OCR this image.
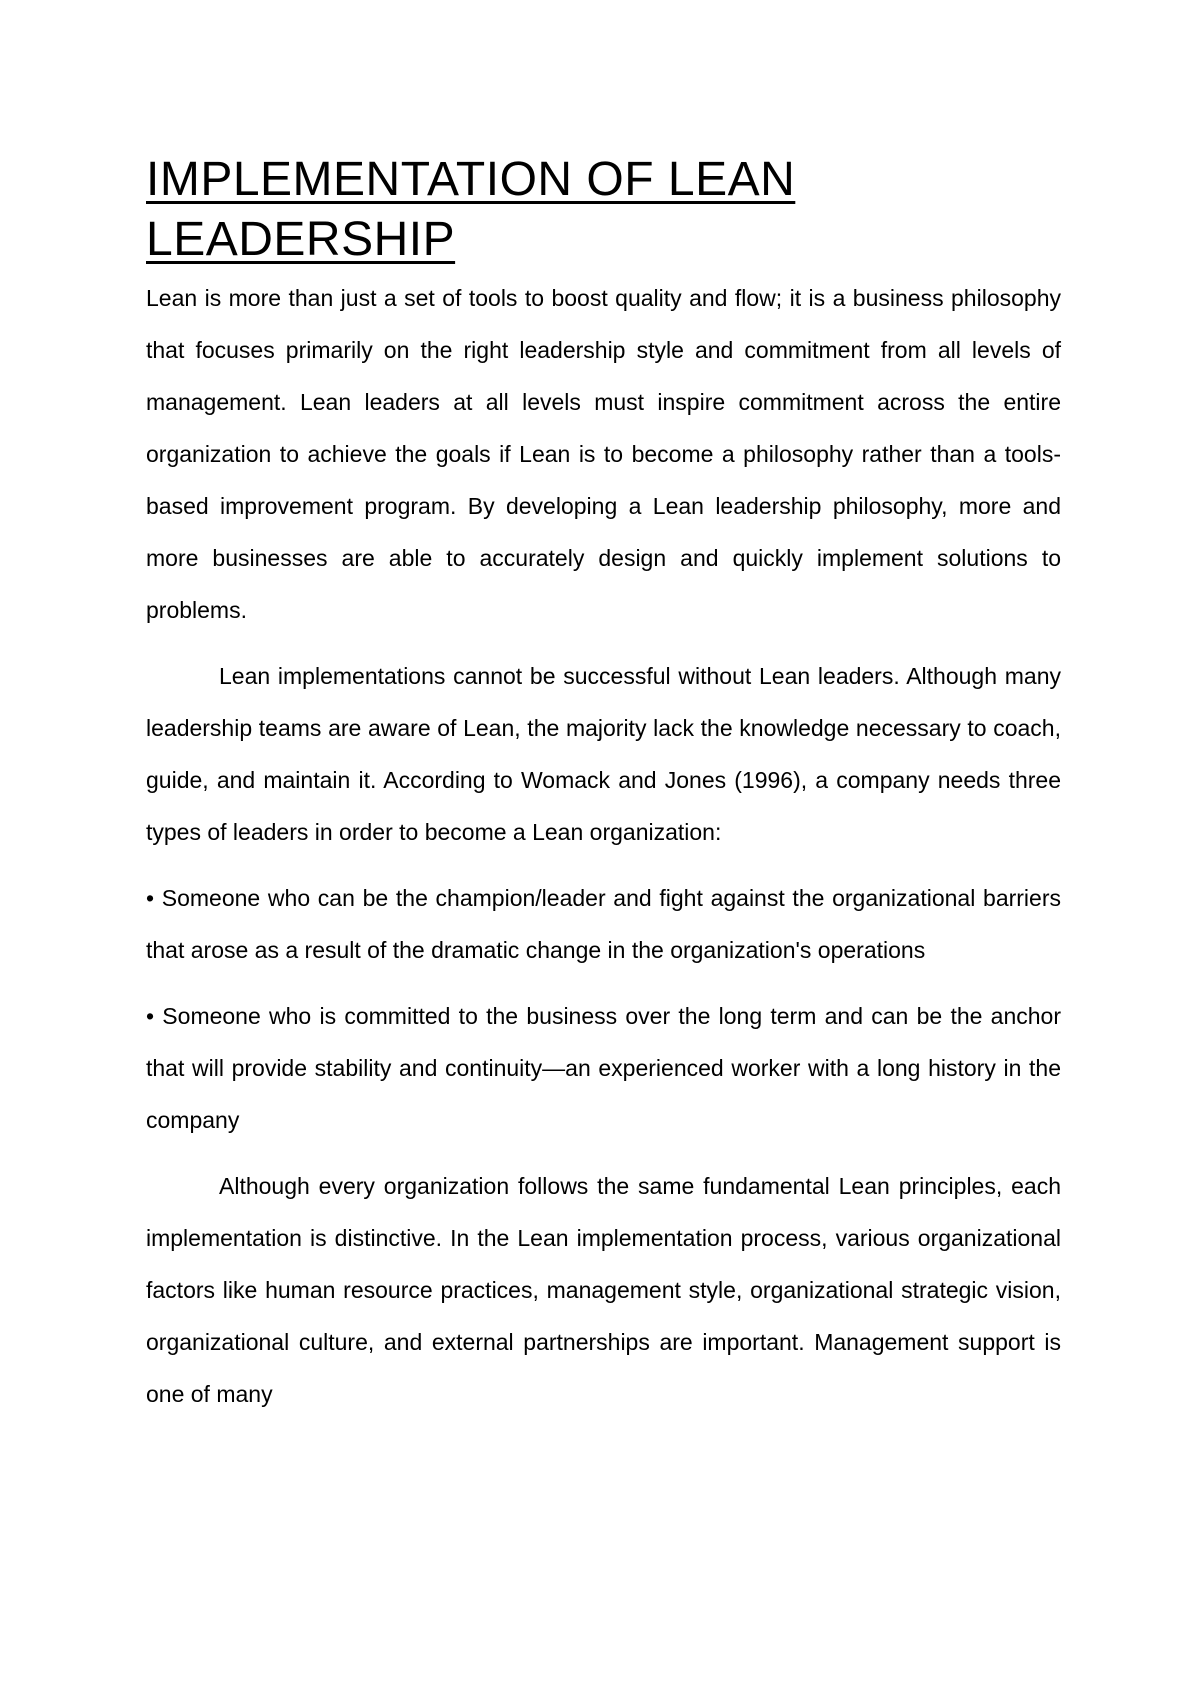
IMPLEMENTATION OF LEAN
LEADERSHIP

Lean is more than just a set of tools to boost quality and flow; it is a business philosophy that focuses primarily on the right leadership style and commitment from all levels of management. Lean leaders at all levels must inspire commitment across the entire organization to achieve the goals if Lean is to become a philosophy rather than a tools-based improvement program. By developing a Lean leadership philosophy, more and more businesses are able to accurately design and quickly implement solutions to problems.

Lean implementations cannot be successful without Lean leaders. Although many leadership teams are aware of Lean, the majority lack the knowledge necessary to coach, guide, and maintain it. According to Womack and Jones (1996), a company needs three types of leaders in order to become a Lean organization:

• Someone who can be the champion/leader and fight against the organizational barriers that arose as a result of the dramatic change in the organization's operations

• Someone who is committed to the business over the long term and can be the anchor that will provide stability and continuity—an experienced worker with a long history in the company

Although every organization follows the same fundamental Lean principles, each implementation is distinctive. In the Lean implementation process, various organizational factors like human resource practices, management style, organizational strategic vision, organizational culture, and external partnerships are important. Management support is one of many
